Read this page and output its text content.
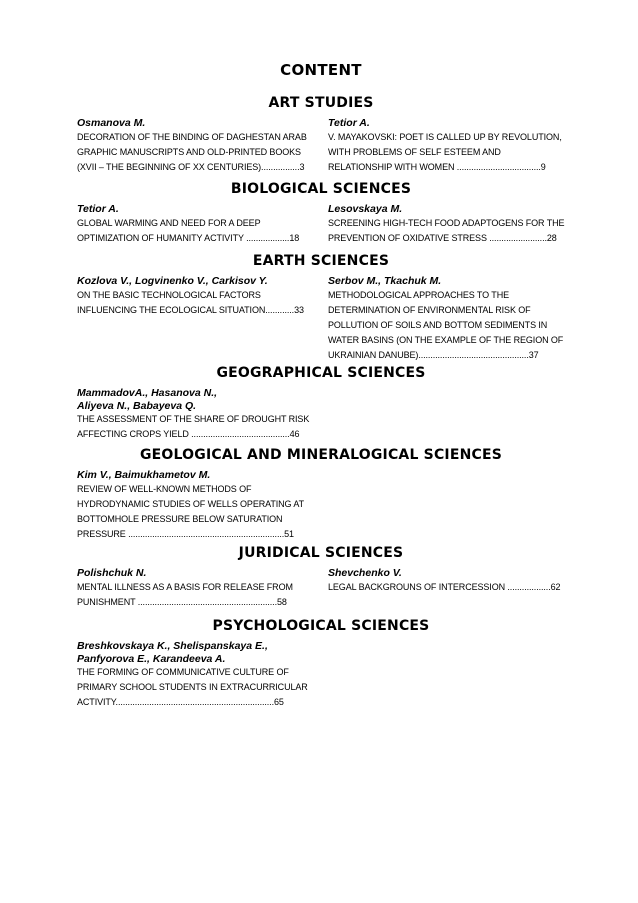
CONTENT
ART STUDIES
Osmanova M.
DECORATION OF THE BINDING OF DAGHESTAN ARAB
GRAPHIC MANUSCRIPTS AND OLD-PRINTED BOOKS
(XVII – THE BEGINNING OF XX CENTURIES)................3
Tetior A.
V. MAYAKOVSKI: POET IS CALLED UP BY REVOLUTION,
WITH PROBLEMS OF SELF ESTEEM AND
RELATIONSHIP WITH WOMEN ...................................9
BIOLOGICAL SCIENCES
Tetior A.
GLOBAL WARMING AND NEED FOR A DEEP
OPTIMIZATION OF HUMANITY ACTIVITY ..................18
Lesovskaya M.
SCREENING HIGH-TECH FOOD ADAPTOGENS FOR THE
PREVENTION OF OXIDATIVE STRESS ........................28
EARTH SCIENCES
Kozlova V., Logvinenko V., Carkisov Y.
ON THE BASIC TECHNOLOGICAL FACTORS
INFLUENCING THE ECOLOGICAL SITUATION............33
Serbov M., Tkachuk M.
METHODOLOGICAL APPROACHES TO THE
DETERMINATION OF ENVIRONMENTAL RISK OF
POLLUTION OF SOILS AND BOTTOM SEDIMENTS IN
WATER BASINS (ON THE EXAMPLE OF THE REGION OF
UKRAINIAN DANUBE)..............................................37
GEOGRAPHICAL SCIENCES
MammadovA., Hasanova N.,
Aliyeva N., Babayeva Q.
THE ASSESSMENT OF THE SHARE OF DROUGHT RISK
AFFECTING CROPS YIELD .........................................46
GEOLOGICAL AND MINERALOGICAL SCIENCES
Kim V., Baimukhametov M.
REVIEW OF WELL-KNOWN METHODS OF
HYDRODYNAMIC STUDIES OF WELLS OPERATING AT
BOTTOMHOLE PRESSURE BELOW SATURATION
PRESSURE .................................................................51
JURIDICAL SCIENCES
Polishchuk N.
MENTAL ILLNESS AS A BASIS FOR RELEASE FROM
PUNISHMENT ..........................................................58
Shevchenko V.
LEGAL BACKGROUNS OF INTERCESSION ..................62
PSYCHOLOGICAL SCIENCES
Breshkovskaya K., Shelispanskaya E.,
Panfyorova E., Karandeeva A.
THE FORMING OF COMMUNICATIVE CULTURE OF
PRIMARY SCHOOL STUDENTS IN EXTRACURRICULAR
ACTIVITY..................................................................65
